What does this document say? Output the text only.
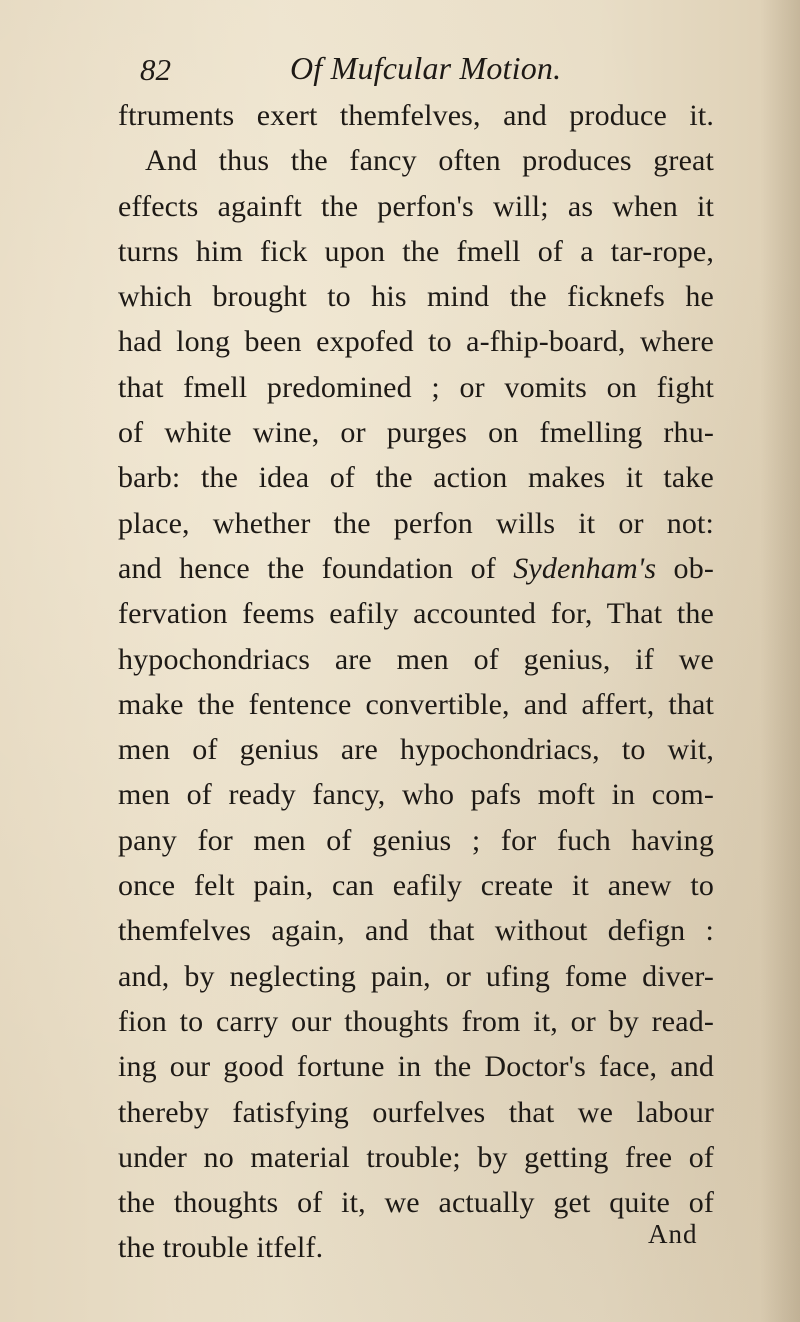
82	Of Mufcular Motion.
ftruments exert themfelves, and produce it.
And thus the fancy often produces great
effects againft the perfon's will; as when it
turns him fick upon the fmell of a tar-rope,
which brought to his mind the ficknefs he
had long been expofed to a-fhip-board, where
that fmell predomined ; or vomits on fight
of white wine, or purges on fmelling rhu-
barb: the idea of the action makes it take
place, whether the perfon wills it or not:
and hence the foundation of Sydenham's ob-
fervation feems eafily accounted for, That the
hypochondriacs are men of genius, if we
make the fentence convertible, and affert, that
men of genius are hypochondriacs, to wit,
men of ready fancy, who pafs moft in com-
pany for men of genius ; for fuch having
once felt pain, can eafily create it anew to
themfelves again, and that without defign :
and, by neglecting pain, or ufing fome diver-
fion to carry our thoughts from it, or by read-
ing our good fortune in the Doctor's face, and
thereby fatisfying ourfelves that we labour
under no material trouble; by getting free of
the thoughts of it, we actually get quite of
the trouble itfelf.	And
